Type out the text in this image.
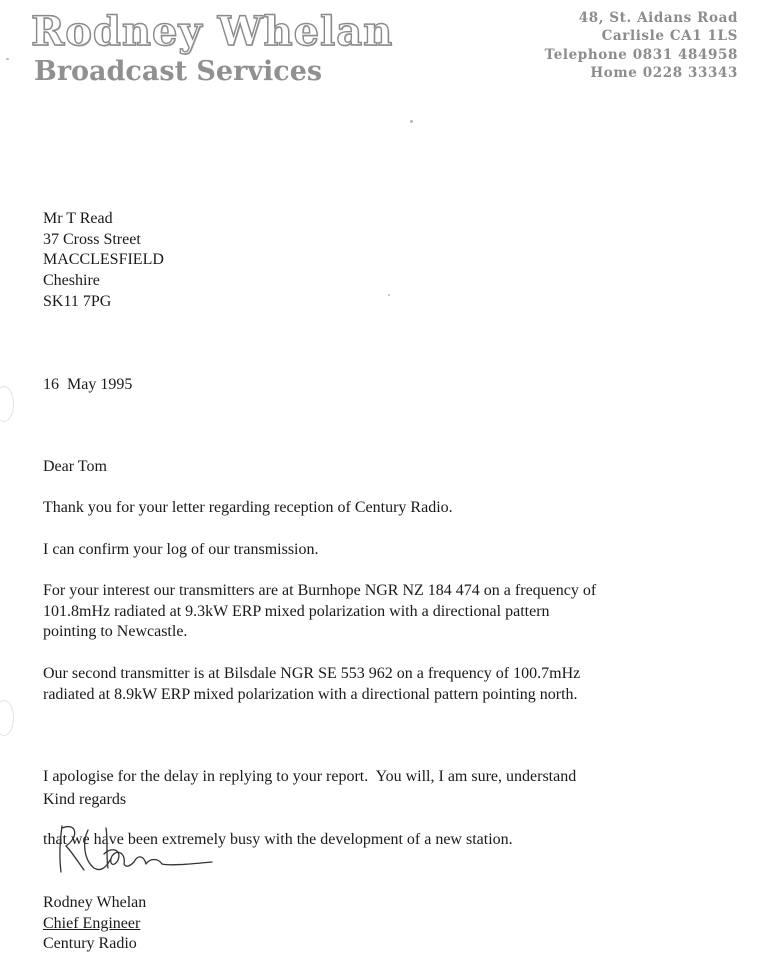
Rodney Whelan
Broadcast Services
48, St. Aidans Road
Carlisle CA1 1LS
Telephone 0831 484958
Home 0228 33343
Mr T Read
37 Cross Street
MACCLESFIELD
Cheshire
SK11 7PG
16  May 1995
Dear Tom
Thank you for your letter regarding reception of Century Radio.
I can confirm your log of our transmission.
For your interest our transmitters are at Burnhope NGR NZ 184 474 on a frequency of
101.8mHz radiated at 9.3kW ERP mixed polarization with a directional pattern
pointing to Newcastle.
Our second transmitter is at Bilsdale NGR SE 553 962 on a frequency of 100.7mHz
radiated at 8.9kW ERP mixed polarization with a directional pattern pointing north.

I apologise for the delay in replying to your report.  You will, I am sure, understand

that we have been extremely busy with the development of a new station.

Kind regards
Rodney Whelan
Chief Engineer
Century Radio
